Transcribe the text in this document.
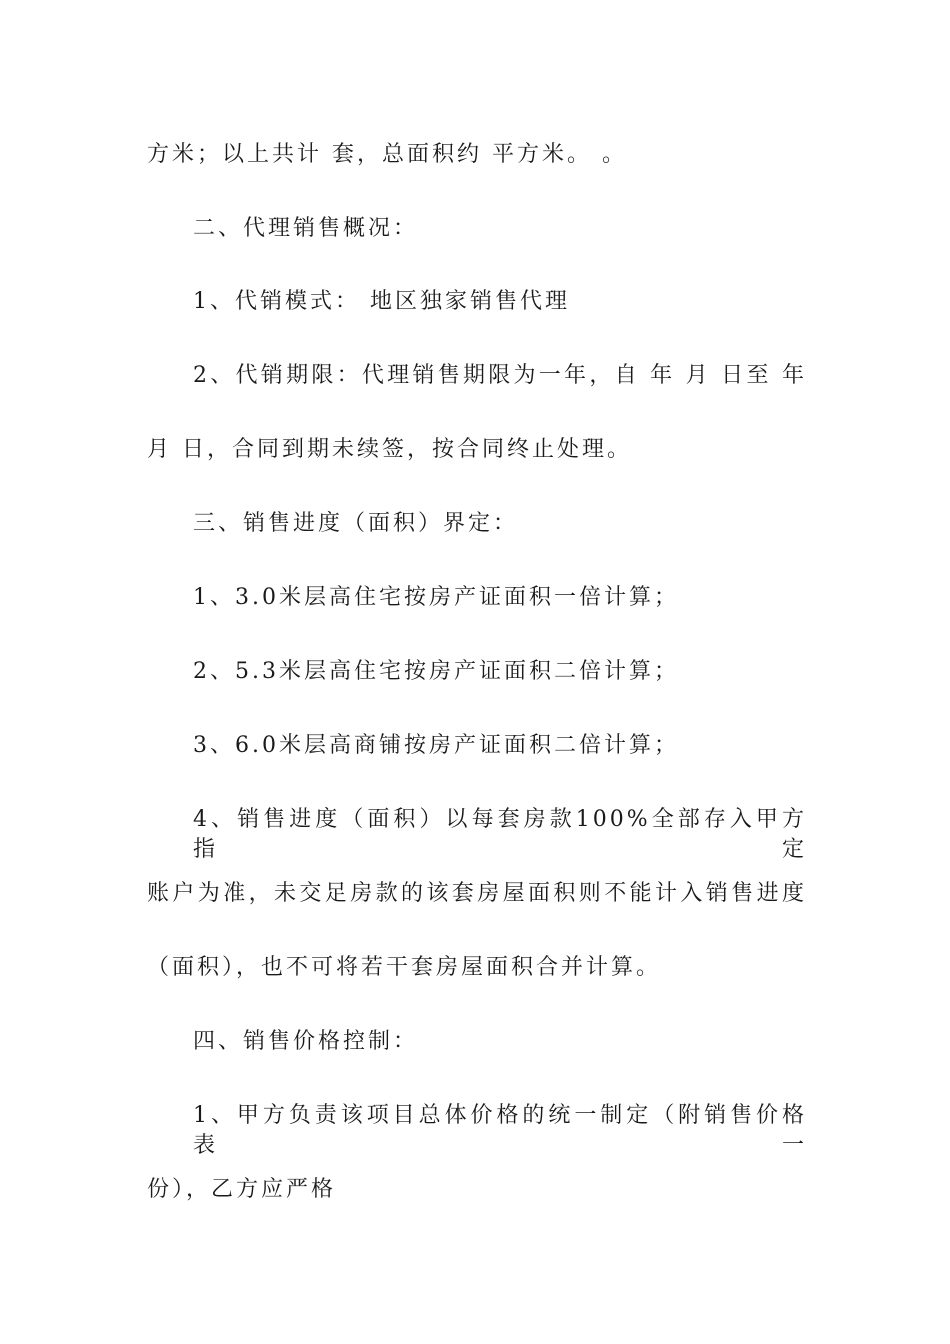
方米；以上共计 套，总面积约 平方米。 。
二、代理销售概况：
1、代销模式： 地区独家销售代理
2、代销期限：代理销售期限为一年，自 年 月 日至 年
月 日，合同到期未续签，按合同终止处理。
三、销售进度（面积）界定：
1、3.0米层高住宅按房产证面积一倍计算；
2、5.3米层高住宅按房产证面积二倍计算；
3、6.0米层高商铺按房产证面积二倍计算；
4、销售进度（面积）以每套房款100%全部存入甲方指定
账户为准，未交足房款的该套房屋面积则不能计入销售进度
（面积），也不可将若干套房屋面积合并计算。
四、销售价格控制：
1、甲方负责该项目总体价格的统一制定（附销售价格表一
份），乙方应严格
